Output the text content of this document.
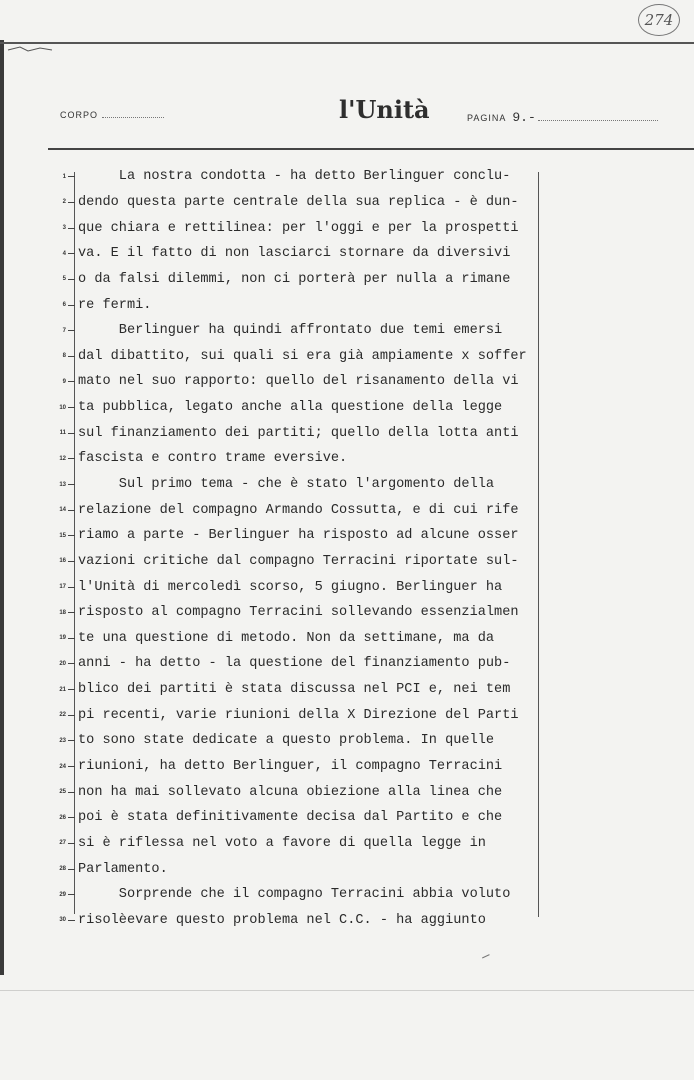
274
CORPO	l'Unità	PAGINA 9.-
1 La nostra condotta - ha detto Berlinguer conclu-
2 dendo questa parte centrale della sua replica - è dun-
3 que chiara e rettilinea: per l'oggi e per la prospetti
4 va. E il fatto di non lasciarci stornare da diversivi
5 o da falsi dilemmi, non ci porterà per nulla a rimane
6 re fermi.
7 Berlinguer ha quindi affrontato due temi emersi
8 dal dibattito, sui quali si era già ampiamente x soffer
9 mato nel suo rapporto: quello del risanamento della vi
10 ta pubblica, legato anche alla questione della legge
11 sul finanziamento dei partiti; quello della lotta anti
12 fascista e contro trame eversive.
13 Sul primo tema - che è stato l'argomento della
14 relazione del compagno Armando Cossutta, e di cui rife
15 riamo a parte - Berlinguer ha risposto ad alcune osser
16 vazioni critiche dal compagno Terracini riportate sul-
17 l'Unità di mercoledì scorso, 5 giugno. Berlinguer ha
18 risposto al compagno Terracini sollevando essenzialmen
19 te una questione di metodo. Non da settimane, ma da
20 anni - ha detto - la questione del finanziamento pub-
21 blico dei partiti è stata discussa nel PCI e, nei tem
22 pi recenti, varie riunioni della X Direzione del Parti
23 to sono state dedicate a questo problema. In quelle
24 riunioni, ha detto Berlinguer, il compagno Terracini
25 non ha mai sollevato alcuna obiezione alla linea che
26 poi è stata definitivamente decisa dal Partito e che
27 si è riflessa nel voto a favore di quella legge in
28 Parlamento.
29 Sorprende che il compagno Terracini abbia voluto
30 risolèevare questo problema nel C.C. - ha aggiunto
